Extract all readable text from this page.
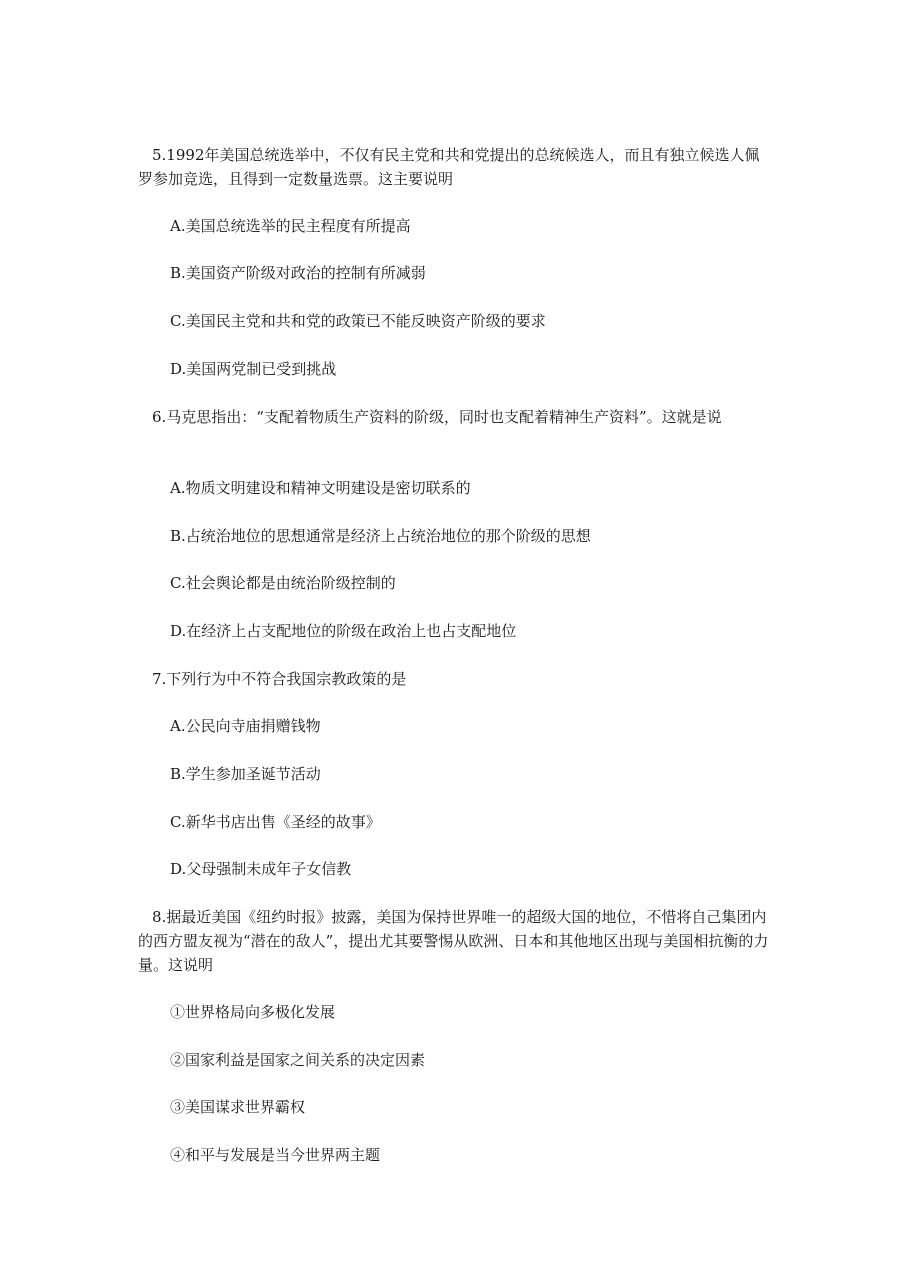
5.1992年美国总统选举中，不仅有民主党和共和党提出的总统候选人，而且有独立候选人佩罗参加竞选，且得到一定数量选票。这主要说明
A.美国总统选举的民主程度有所提高
B.美国资产阶级对政治的控制有所减弱
C.美国民主党和共和党的政策已不能反映资产阶级的要求
D.美国两党制已受到挑战
6.马克思指出：“支配着物质生产资料的阶级，同时也支配着精神生产资料”。这就是说
A.物质文明建设和精神文明建设是密切联系的
B.占统治地位的思想通常是经济上占统治地位的那个阶级的思想
C.社会舆论都是由统治阶级控制的
D.在经济上占支配地位的阶级在政治上也占支配地位
7.下列行为中不符合我国宗教政策的是
A.公民向寺庙捐赠钱物
B.学生参加圣诞节活动
C.新华书店出售《圣经的故事》
D.父母强制未成年子女信教
8.据最近美国《纽约时报》披露，美国为保持世界唯一的超级大国的地位，不惜将自己集团内的西方盟友视为“潜在的敌人”，提出尤其要警惕从欧洲、日本和其他地区出现与美国相抗衡的力量。这说明
①世界格局向多极化发展
②国家利益是国家之间关系的决定因素
③美国谋求世界霸权
④和平与发展是当今世界两主题
